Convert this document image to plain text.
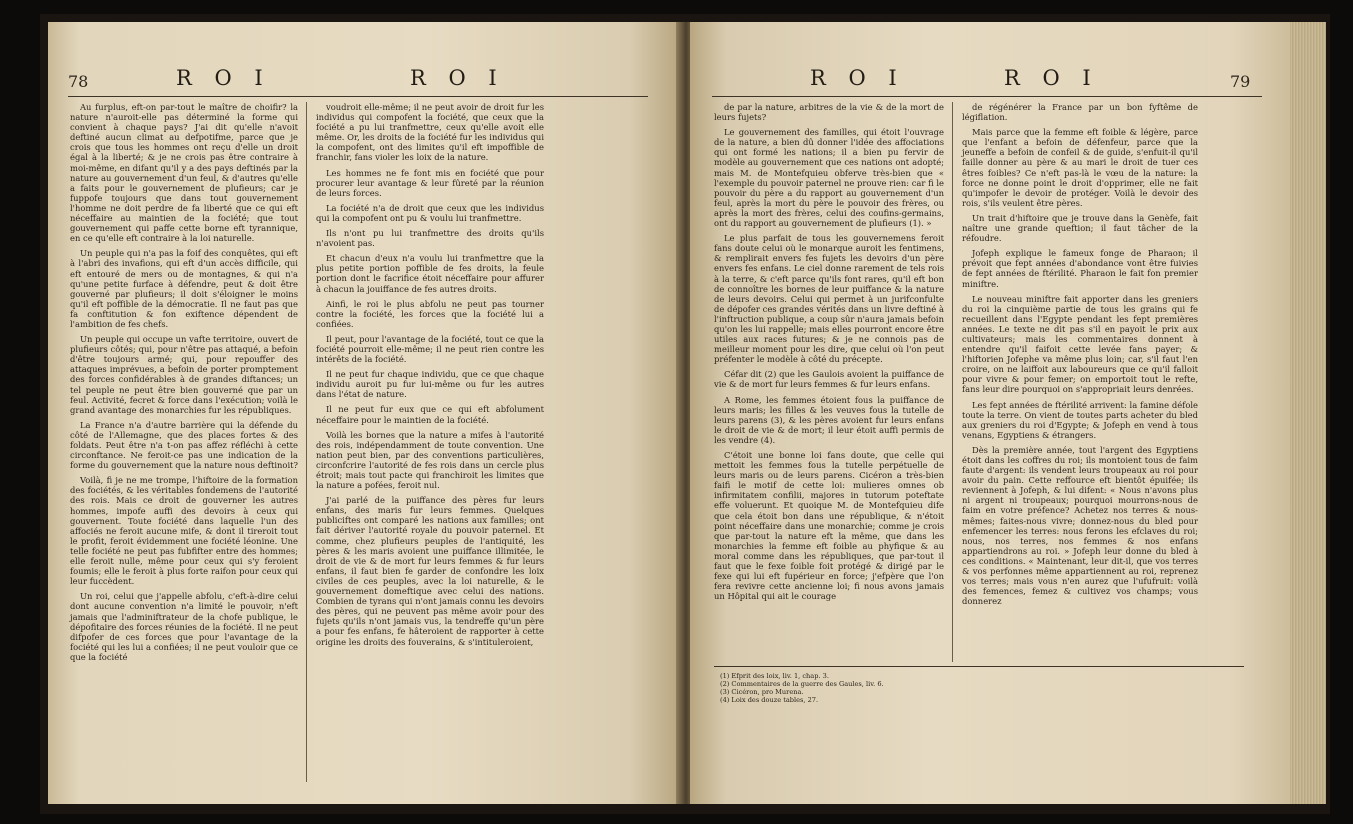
78	R O I	R O I

Au furplus, eft-on par-tout le maître de choifir? la nature n'auroit-elle pas déterminé la forme qui convient à chaque pays? J'ai dit qu'elle n'avoit deftiné aucun climat au defpotifme, parce que je crois que tous les hommes ont reçu d'elle un droit égal à la liberté; & je ne crois pas être contraire à moi-même, en difant qu'il y a des pays deftinés par la nature au gouvernement d'un feul, & d'autres qu'elle a faits pour le gouvernement de plufieurs; car je fuppofe toujours que dans tout gouvernement l'homme ne doit perdre de fa liberté que ce qui eft néceffaire au maintien de la fociété; que tout gouvernement qui paffe cette borne eft tyrannique, en ce qu'elle eft contraire à la loi naturelle.

Un peuple qui n'a pas la foif des conquêtes, qui eft à l'abri des invafions, qui eft d'un accès difficile, qui eft entouré de mers ou de montagnes, & qui n'a qu'une petite furface à défendre, peut & doit être gouverné par plufieurs; il doit s'éloigner le moins qu'il eft poffible de la démocratie. Il ne faut pas que fa conftitution & fon exiftence dépendent de l'ambition de fes chefs.

Un peuple qui occupe un vafte territoire, ouvert de plufieurs côtés; qui, pour n'être pas attaqué, a befoin d'être toujours armé; qui, pour repouffer des attaques imprévues, a befoin de porter promptement des forces confidérables à de grandes diftances; un tel peuple ne peut être bien gouverné que par un feul. Activité, fecret & force dans l'exécution; voilà le grand avantage des monarchies fur les républiques.

La France n'a d'autre barrière qui la défende du côté de l'Allemagne, que des places fortes & des foldats. Peut être n'a t-on pas affez réfléchi à cette circonftance. Ne feroit-ce pas une indication de la forme du gouvernement que la nature nous deftinoit?

Voilà, fi je ne me trompe, l'hiftoire de la formation des fociétés, & les véritables fondemens de l'autorité des rois. Mais ce droit de gouverner les autres hommes, impofe auffi des devoirs à ceux qui gouvernent. Toute fociété dans laquelle l'un des affociés ne feroit aucune mife, & dont il tireroit tout le profit, feroit évidemment une fociété léonine. Une telle fociété ne peut pas fubfifter entre des hommes; elle feroit nulle, même pour ceux qui s'y feroient foumis; elle le feroit à plus forte raifon pour ceux qui leur fuccèdent.

Un roi, celui que j'appelle abfolu, c'eft-à-dire celui dont aucune convention n'a limité le pouvoir, n'eft jamais que l'adminiftrateur de la chofe publique, le dépofitaire des forces réunies de la fociété. Il ne peut difpofer de ces forces que pour l'avantage de la fociété qui les lui a confiées; il ne peut vouloir que ce que la fociété

voudroit elle-même; il ne peut avoir de droit fur les individus qui compofent la fociété, que ceux que la fociété a pu lui tranfmettre, ceux qu'elle avoit elle même. Or, les droits de la fociété fur les individus qui la compofent, ont des limites qu'il eft impoffible de franchir, fans violer les loix de la nature.

Les hommes ne fe font mis en fociété que pour procurer leur avantage & leur fûreté par la réunion de leurs forces.

La fociété n'a de droit que ceux que les individus qui la compofent ont pu & voulu lui tranfmettre.

Ils n'ont pu lui tranfmettre des droits qu'ils n'avoient pas.

Et chacun d'eux n'a voulu lui tranfmettre que la plus petite portion poffible de fes droits, la feule portion dont le facrifice étoit néceffaire pour affurer à chacun la jouiffance de fes autres droits.

Ainfi, le roi le plus abfolu ne peut pas tourner contre la fociété, les forces que la fociété lui a confiées.

Il peut, pour l'avantage de la fociété, tout ce que la fociété pourroit elle-même; il ne peut rien contre les intérêts de la fociété.

Il ne peut fur chaque individu, que ce que chaque individu auroit pu fur lui-même ou fur les autres dans l'état de nature.

Il ne peut fur eux que ce qui eft abfolument néceffaire pour le maintien de la fociété.

Voilà les bornes que la nature a mifes à l'autorité des rois, indépendamment de toute convention. Une nation peut bien, par des conventions particulières, circonfcrire l'autorité de fes rois dans un cercle plus étroit; mais tout pacte qui franchiroit les limites que la nature a pofées, feroit nul.

J'ai parlé de la puiffance des pères fur leurs enfans, des maris fur leurs femmes. Quelques publiciftes ont comparé les nations aux familles; ont fait dériver l'autorité royale du pouvoir paternel. Et comme, chez plufieurs peuples de l'antiquité, les pères & les maris avoient une puiffance illimitée, le droit de vie & de mort fur leurs femmes & fur leurs enfans, il faut bien fe garder de confondre les loix civiles de ces peuples, avec la loi naturelle, & le gouvernement domeftique avec celui des nations. Combien de tyrans qui n'ont jamais connu les devoirs des pères, qui ne peuvent pas même avoir pour des fujets qu'ils n'ont jamais vus, la tendreffe qu'un père a pour fes enfans, fe hâteroient de rapporter à cette origine les droits des fouverains, & s'intituleroient,

R O I	R O I	79

de par la nature, arbitres de la vie & de la mort de leurs fujets?

Le gouvernement des familles, qui étoit l'ouvrage de la nature, a bien dû donner l'idée des affociations qui ont formé les nations; il a bien pu fervir de modèle au gouvernement que ces nations ont adopté; mais M. de Montefquieu obferve très-bien que « l'exemple du pouvoir paternel ne prouve rien: car fi le pouvoir du père a du rapport au gouvernement d'un feul, après la mort du père le pouvoir des frères, ou après la mort des frères, celui des coufins-germains, ont du rapport au gouvernement de plufieurs (1). »

Le plus parfait de tous les gouvernemens feroit fans doute celui où le monarque auroit les fentimens, & remplirait envers fes fujets les devoirs d'un père envers fes enfans. Le ciel donne rarement de tels rois à la terre, & c'eft parce qu'ils font rares, qu'il eft bon de connoître les bornes de leur puiffance & la nature de leurs devoirs. Celui qui permet à un jurifconfulte de dépofer ces grandes vérités dans un livre deftiné à l'inftruction publique, a coup sûr n'aura jamais befoin qu'on les lui rappelle; mais elles pourront encore être utiles aux races futures; & je ne connois pas de meilleur moment pour les dire, que celui où l'on peut préfenter le modèle à côté du précepte.

Céfar dit (2) que les Gaulois avoient la puiffance de vie & de mort fur leurs femmes & fur leurs enfans.

A Rome, les femmes étoient fous la puiffance de leurs maris; les filles & les veuves fous la tutelle de leurs parens (3), & les pères avoient fur leurs enfans le droit de vie & de mort; il leur étoit auffi permis de les vendre (4).

C'étoit une bonne loi fans doute, que celle qui mettoit les femmes fous la tutelle perpétuelle de leurs maris ou de leurs parens. Cicéron a très-bien faifi le motif de cette loi: mulieres omnes ob infirmitatem confilii, majores in tutorum poteftate effe voluerunt. Et quoique M. de Montefquieu dife que cela étoit bon dans une république, & n'étoit point néceffaire dans une monarchie; comme je crois que par-tout la nature eft la même, que dans les monarchies la femme eft foible au phyfique & au moral comme dans les républiques, que par-tout il faut que le fexe foible foit protégé & dirigé par le fexe qui lui eft fupérieur en force; j'efpère que l'on fera revivre cette ancienne loi; fi nous avons jamais un Hôpital qui ait le courage

de régénérer la France par un bon fyftême de légiflation.

Mais parce que la femme eft foible & légère, parce que l'enfant a befoin de défenfeur, parce que la jeuneffe a befoin de confeil & de guide, s'enfuit-il qu'il faille donner au père & au mari le droit de tuer ces êtres foibles? Ce n'eft pas-là le vœu de la nature: la force ne donne point le droit d'opprimer, elle ne fait qu'impofer le devoir de protéger. Voilà le devoir des rois, s'ils veulent être pères.

Un trait d'hiftoire que je trouve dans la Genèfe, fait naître une grande queftion; il faut tâcher de la réfoudre.

Jofeph explique le fameux fonge de Pharaon; il prévoit que fept années d'abondance vont être fuivies de fept années de ftérilité. Pharaon le fait fon premier miniftre.

Le nouveau miniftre fait apporter dans les greniers du roi la cinquième partie de tous les grains qui fe recueillent dans l'Egypte pendant les fept premières années. Le texte ne dit pas s'il en payoit le prix aux cultivateurs; mais les commentaires donnent à entendre qu'il faifoit cette levée fans payer; & l'hiftorien Jofephe va même plus loin; car, s'il faut l'en croire, on ne laiffoit aux laboureurs que ce qu'il falloit pour vivre & pour femer; on emportoit tout le refte, fans leur dire pourquoi on s'appropriait leurs denrées.

Les fept années de ftérilité arrivent: la famine défole toute la terre. On vient de toutes parts acheter du bled aux greniers du roi d'Egypte; & Jofeph en vend à tous venans, Egyptiens & étrangers.

Dès la première année, tout l'argent des Egyptiens étoit dans les coffres du roi; ils montoient tous de faim faute d'argent: ils vendent leurs troupeaux au roi pour avoir du pain. Cette reffource eft bientôt épuifée; ils reviennent à Jofeph, & lui difent: « Nous n'avons plus ni argent ni troupeaux; pourquoi mourrons-nous de faim en votre préfence? Achetez nos terres & nous-mêmes; faites-nous vivre; donnez-nous du bled pour enfemencer les terres: nous ferons les efclaves du roi; nous, nos terres, nos femmes & nos enfans appartiendrons au roi. » Jofeph leur donne du bled à ces conditions. « Maintenant, leur dit-il, que vos terres & vos perfonnes même appartiennent au roi, reprenez vos terres; mais vous n'en aurez que l'ufufruit: voilà des femences, femez & cultivez vos champs; vous donnerez

(1) Efprit des loix, liv. 1, chap. 3.
(2) Commentaires de la guerre des Gaules, liv. 6.
(3) Cicéron, pro Murena.
(4) Loix des douze tables, 27.
